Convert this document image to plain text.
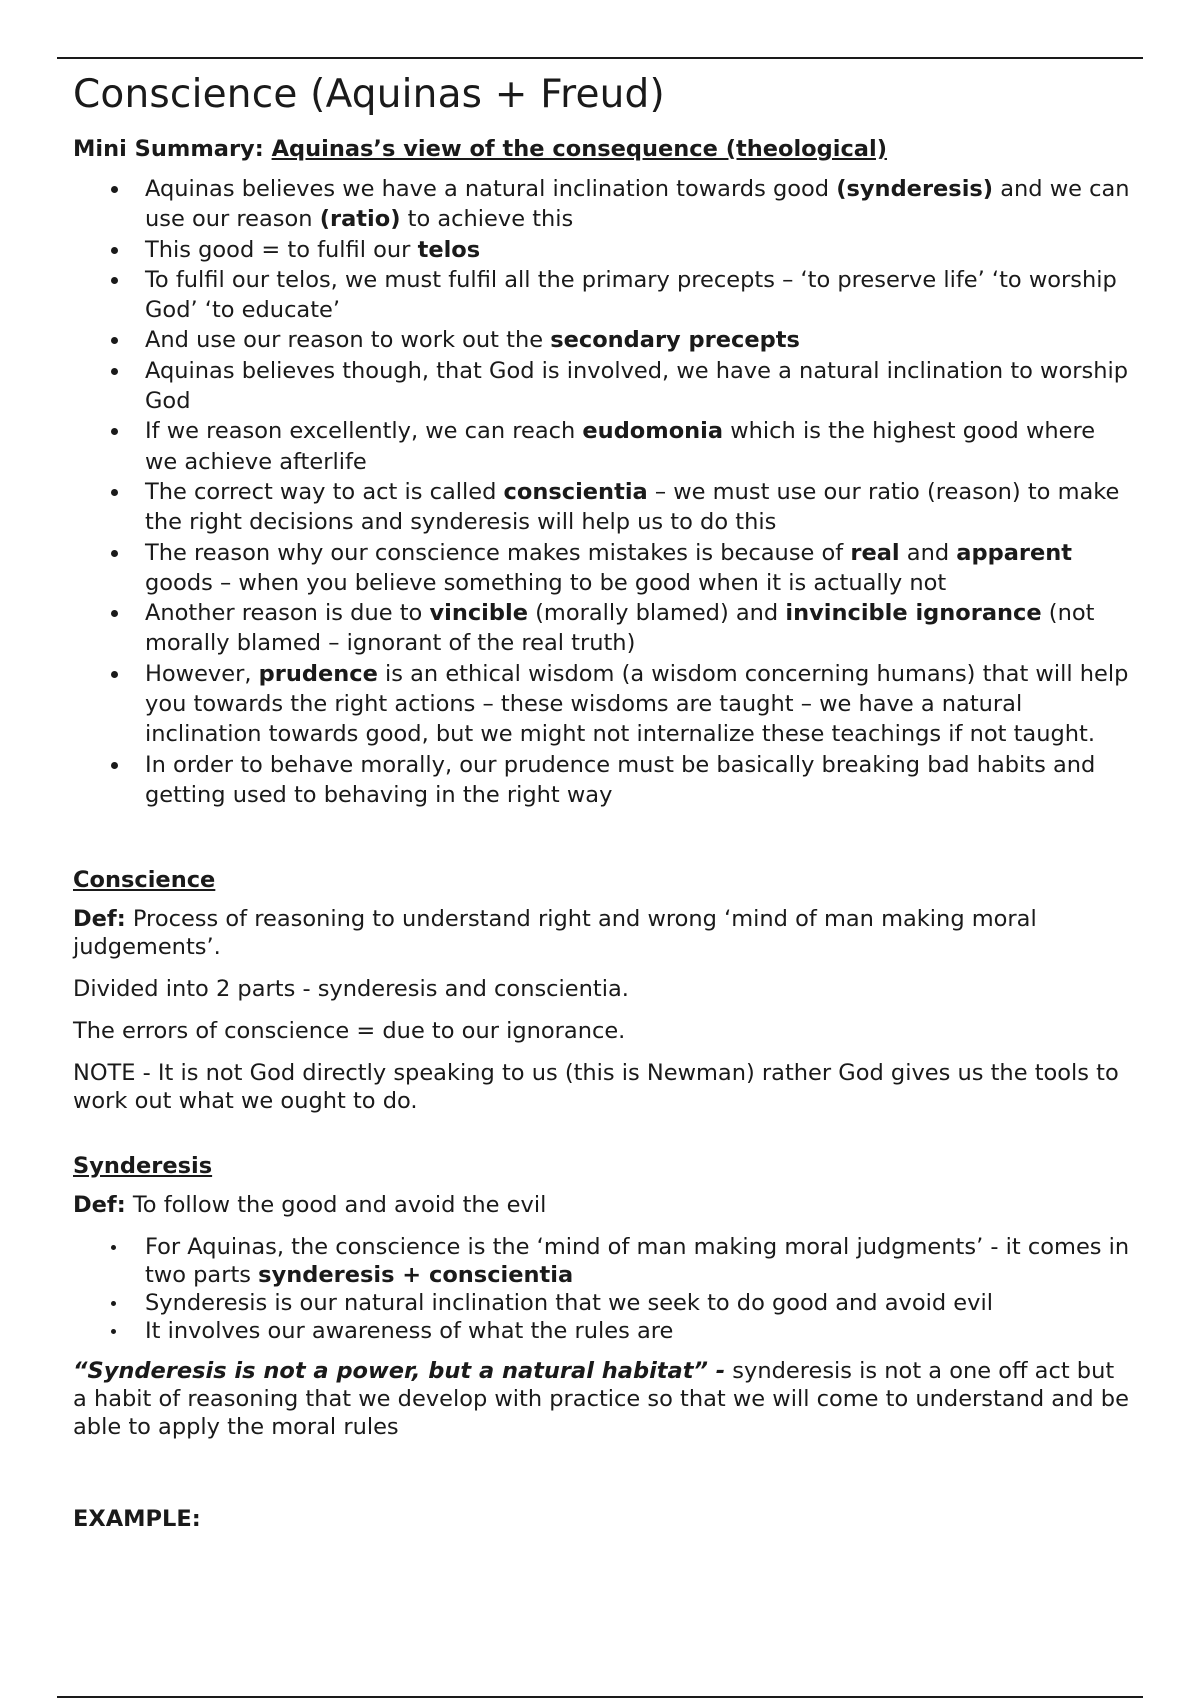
Conscience (Aquinas + Freud)
Mini Summary: Aquinas’s view of the consequence (theological)
Aquinas believes we have a natural inclination towards good (synderesis) and we can use our reason (ratio) to achieve this
This good = to fulfil our telos
To fulfil our telos, we must fulfil all the primary precepts – ‘to preserve life’ ‘to worship God’ ‘to educate’
And use our reason to work out the secondary precepts
Aquinas believes though, that God is involved, we have a natural inclination to worship God
If we reason excellently, we can reach eudomonia which is the highest good where we achieve afterlife
The correct way to act is called conscientia – we must use our ratio (reason) to make the right decisions and synderesis will help us to do this
The reason why our conscience makes mistakes is because of real and apparent goods – when you believe something to be good when it is actually not
Another reason is due to vincible (morally blamed) and invincible ignorance (not morally blamed – ignorant of the real truth)
However, prudence is an ethical wisdom (a wisdom concerning humans) that will help you towards the right actions – these wisdoms are taught – we have a natural inclination towards good, but we might not internalize these teachings if not taught.
In order to behave morally, our prudence must be basically breaking bad habits and getting used to behaving in the right way
Conscience

Def: Process of reasoning to understand right and wrong ‘mind of man making moral judgements’.

Divided into 2 parts - synderesis and conscientia.

The errors of conscience = due to our ignorance.

NOTE - It is not God directly speaking to us (this is Newman) rather God gives us the tools to work out what we ought to do.

Synderesis

Def: To follow the good and avoid the evil

For Aquinas, the conscience is the ‘mind of man making moral judgments’ - it comes in two parts synderesis + conscientia
Synderesis is our natural inclination that we seek to do good and avoid evil
It involves our awareness of what the rules are

“Synderesis is not a power, but a natural habitat” - synderesis is not a one off act but a habit of reasoning that we develop with practice so that we will come to understand and be able to apply the moral rules

EXAMPLE:
